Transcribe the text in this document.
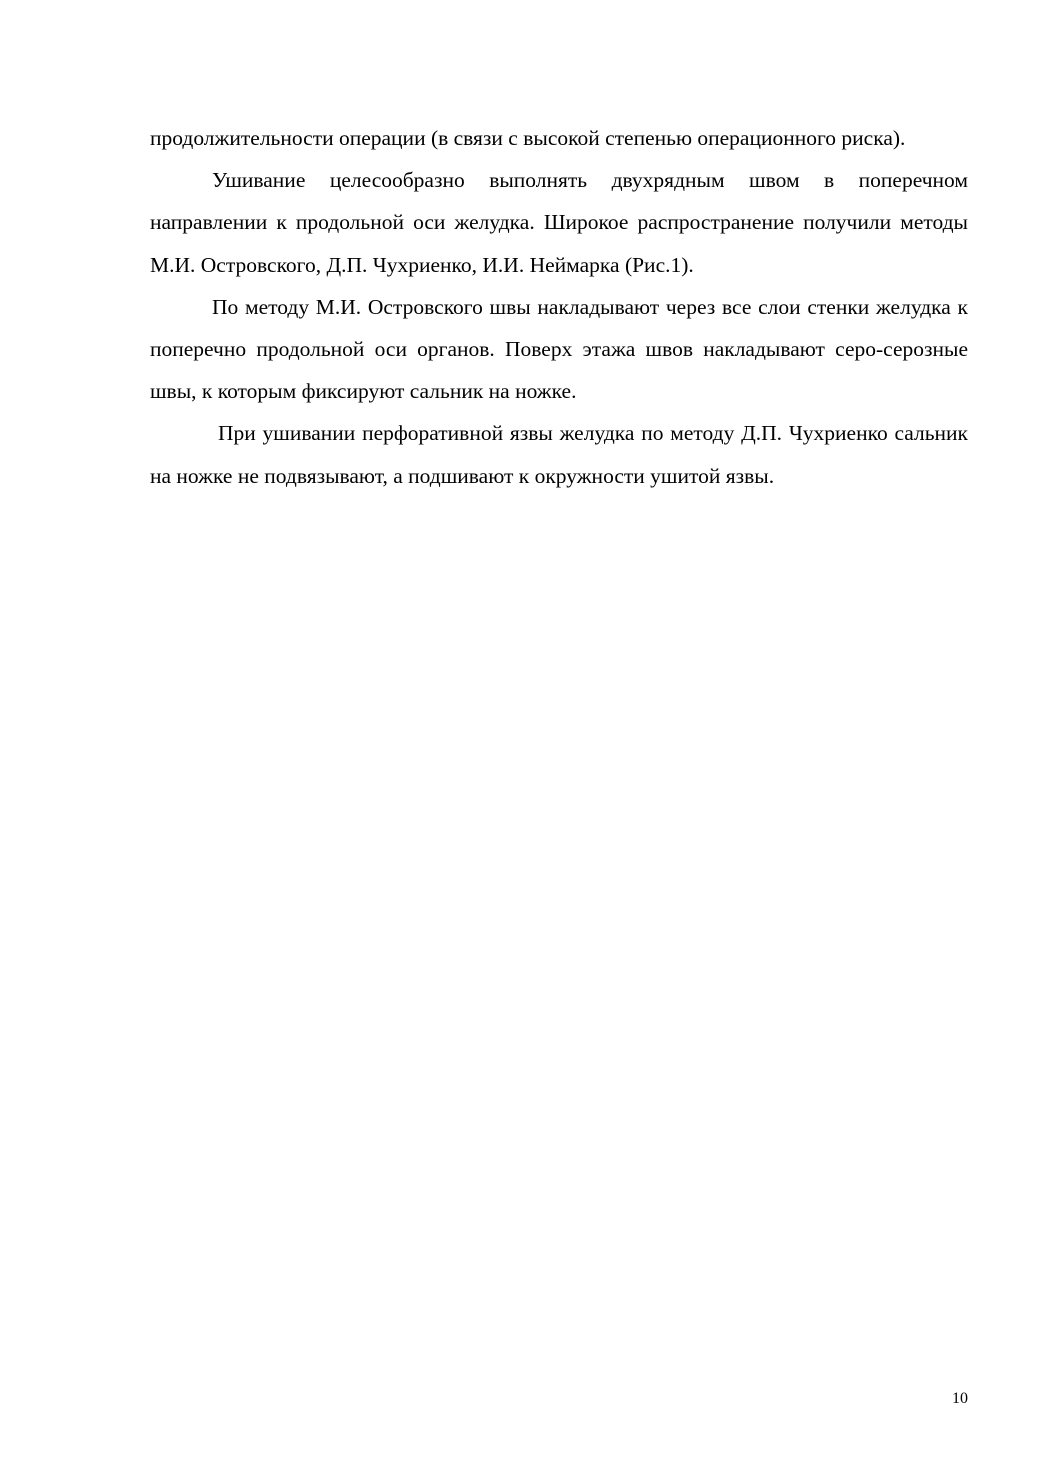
продолжительности операции (в связи с высокой степенью операционного риска).

Ушивание целесообразно выполнять двухрядным швом в поперечном направлении к продольной оси желудка. Широкое распространение получили методы М.И. Островского, Д.П. Чухриенко, И.И. Неймарка (Рис.1).

По методу М.И. Островского швы накладывают через все слои стенки желудка к поперечно продольной оси органов. Поверх этажа швов накладывают серо-серозные швы, к которым фиксируют сальник на ножке.

При ушивании перфоративной язвы желудка по методу Д.П. Чухриенко сальник на ножке не подвязывают, а подшивают к окружности ушитой язвы.

10
